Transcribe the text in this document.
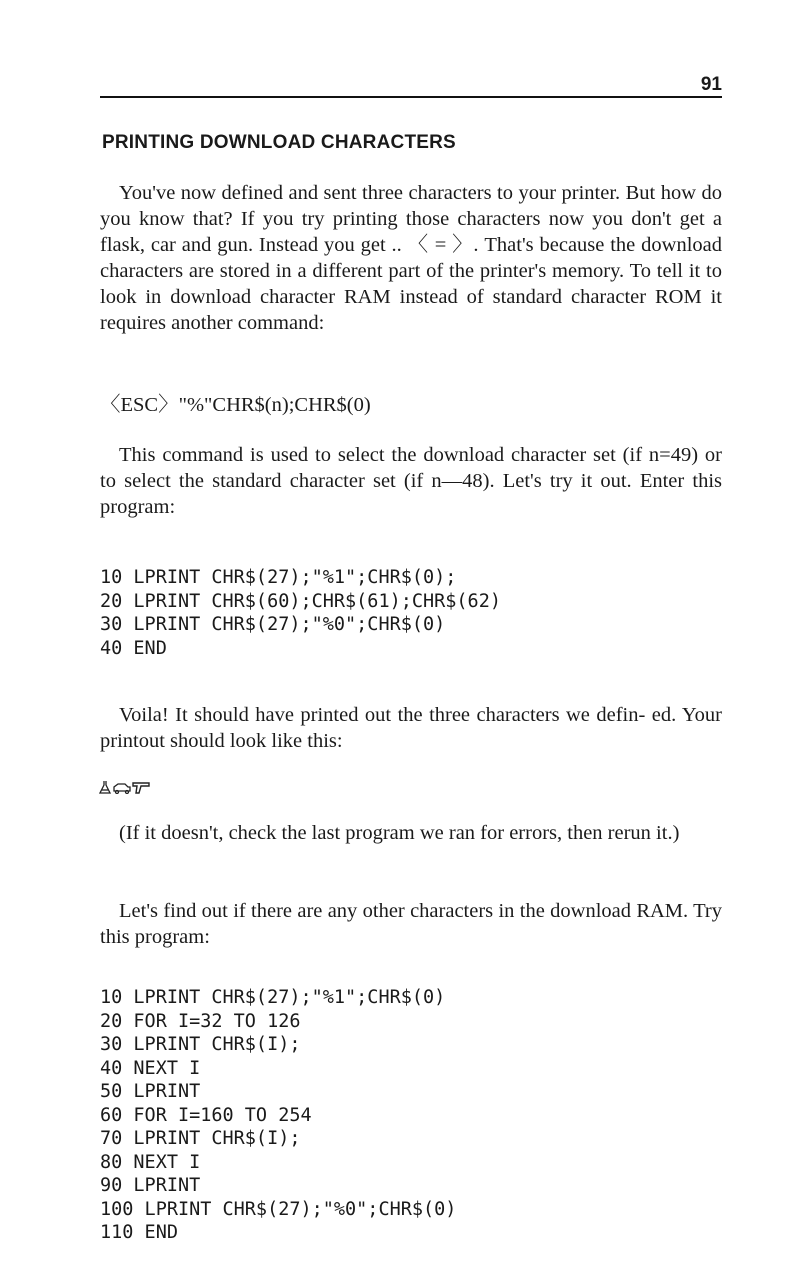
91
PRINTING DOWNLOAD CHARACTERS

You've now defined and sent three characters to your printer. But how do you know that? If you try printing those characters now you don't get a flask, car and gun. Instead you get .. 〈 = 〉. That's because the download characters are stored in a different part of the printer's memory. To tell it to look in download character RAM instead of standard character ROM it requires another command:

〈ESC〉"%"CHR$(n);CHR$(0)

This command is used to select the download character set (if n=49) or to select the standard character set (if n—48). Let's try it out. Enter this program:

10 LPRINT CHR$(27);"%1";CHR$(0);
20 LPRINT CHR$(60);CHR$(61);CHR$(62)
30 LPRINT CHR$(27);"%0";CHR$(0)
40 END

Voila! It should have printed out the three characters we defin- ed. Your printout should look like this:

(If it doesn't, check the last program we ran for errors, then rerun it.)

Let's find out if there are any other characters in the download RAM. Try this program:

10 LPRINT CHR$(27);"%1";CHR$(0)
20 FOR I=32 TO 126
30 LPRINT CHR$(I);
40 NEXT I
50 LPRINT
60 FOR I=160 TO 254
70 LPRINT CHR$(I);
80 NEXT I
90 LPRINT
100 LPRINT CHR$(27);"%0";CHR$(0)
110 END
